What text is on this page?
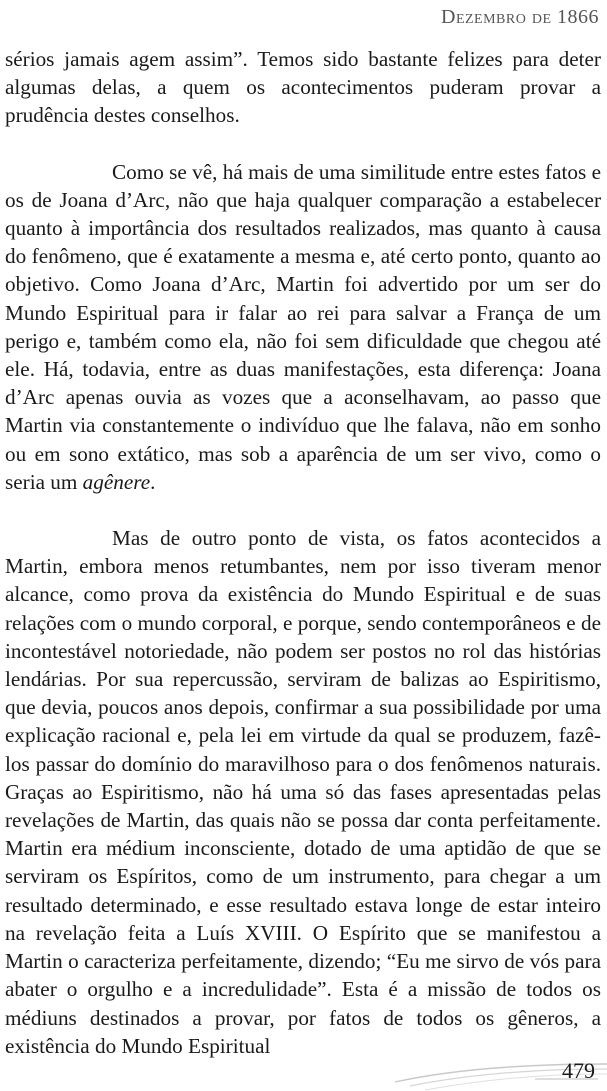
Dezembro de 1866

sérios jamais agem assim”. Temos sido bastante felizes para deter algumas delas, a quem os acontecimentos puderam provar a prudência destes conselhos.

Como se vê, há mais de uma similitude entre estes fatos e os de Joana d’Arc, não que haja qualquer comparação a estabelecer quanto à importância dos resultados realizados, mas quanto à causa do fenômeno, que é exatamente a mesma e, até certo ponto, quanto ao objetivo. Como Joana d’Arc, Martin foi advertido por um ser do Mundo Espiritual para ir falar ao rei para salvar a França de um perigo e, também como ela, não foi sem dificuldade que chegou até ele. Há, todavia, entre as duas manifestações, esta diferença: Joana d’Arc apenas ouvia as vozes que a aconselhavam, ao passo que Martin via constantemente o indivíduo que lhe falava, não em sonho ou em sono extático, mas sob a aparência de um ser vivo, como o seria um agênere.

Mas de outro ponto de vista, os fatos acontecidos a Martin, embora menos retumbantes, nem por isso tiveram menor alcance, como prova da existência do Mundo Espiritual e de suas relações com o mundo corporal, e porque, sendo contemporâneos e de incontestável notoriedade, não podem ser postos no rol das histórias lendárias. Por sua repercussão, serviram de balizas ao Espiritismo, que devia, poucos anos depois, confirmar a sua possibilidade por uma explicação racional e, pela lei em virtude da qual se produzem, fazê-los passar do domínio do maravilhoso para o dos fenômenos naturais. Graças ao Espiritismo, não há uma só das fases apresentadas pelas revelações de Martin, das quais não se possa dar conta perfeitamente. Martin era médium inconsciente, dotado de uma aptidão de que se serviram os Espíritos, como de um instrumento, para chegar a um resultado determinado, e esse resultado estava longe de estar inteiro na revelação feita a Luís XVIII. O Espírito que se manifestou a Martin o caracteriza perfeitamente, dizendo; “Eu me sirvo de vós para abater o orgulho e a incredulidade”. Esta é a missão de todos os médiuns destinados a provar, por fatos de todos os gêneros, a existência do Mundo Espiritual

479
